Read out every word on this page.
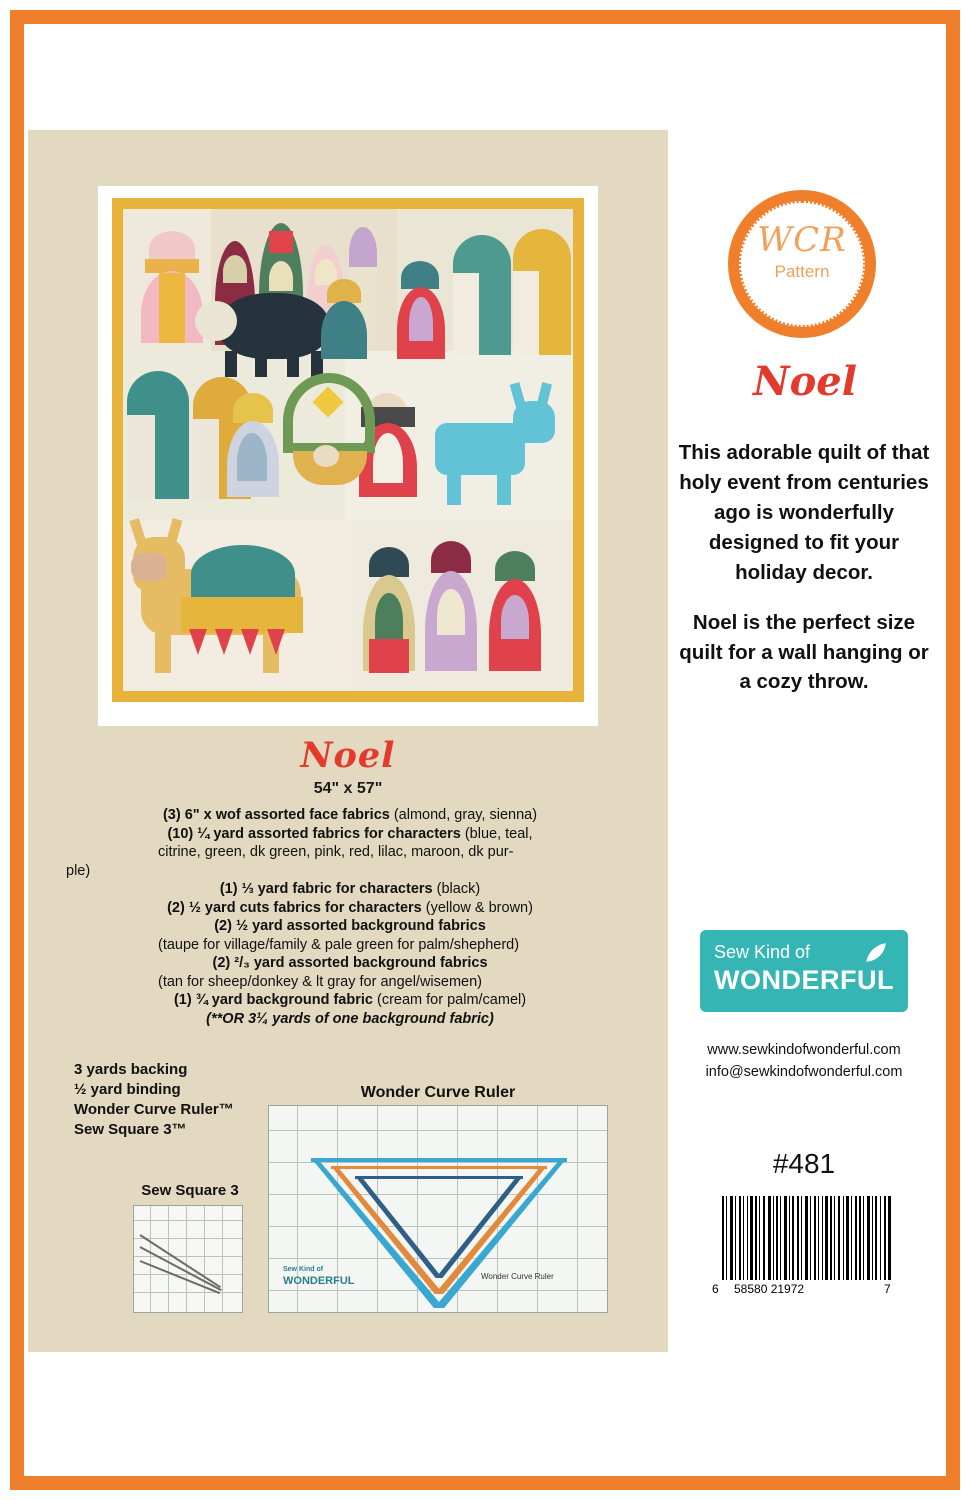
Noel
54" x 57"
(3) 6" x wof assorted face fabrics (almond, gray, sienna)
(10) ¼ yard assorted fabrics for characters (blue, teal,
citrine, green, dk green, pink, red, lilac, maroon, dk pur-
ple)
(1) ⅓ yard fabric for characters (black)
(2) ½ yard cuts fabrics for characters (yellow & brown)
(2) ½ yard assorted background fabrics
(taupe for village/family & pale green for palm/shepherd)
(2) ²/₃ yard assorted background fabrics
(tan for sheep/donkey & lt gray for angel/wisemen)
(1) ¾ yard background fabric (cream for palm/camel)
(**OR 3¼ yards of one background fabric)
3 yards backing
½ yard binding
Wonder Curve Ruler™
Sew Square 3™
Wonder Curve Ruler
Sew Kind of
WONDERFUL	Wonder Curve Ruler
Sew Square 3
WCR
Pattern
Noel

This adorable quilt of that holy event from centuries ago is wonderfully designed to fit your holiday decor.

Noel is the perfect size quilt for a wall hanging or a cozy throw.

Sew Kind of
WONDERFUL
www.sewkindofwonderful.com
info@sewkindofwonderful.com
#481
6 58580 21972	7
